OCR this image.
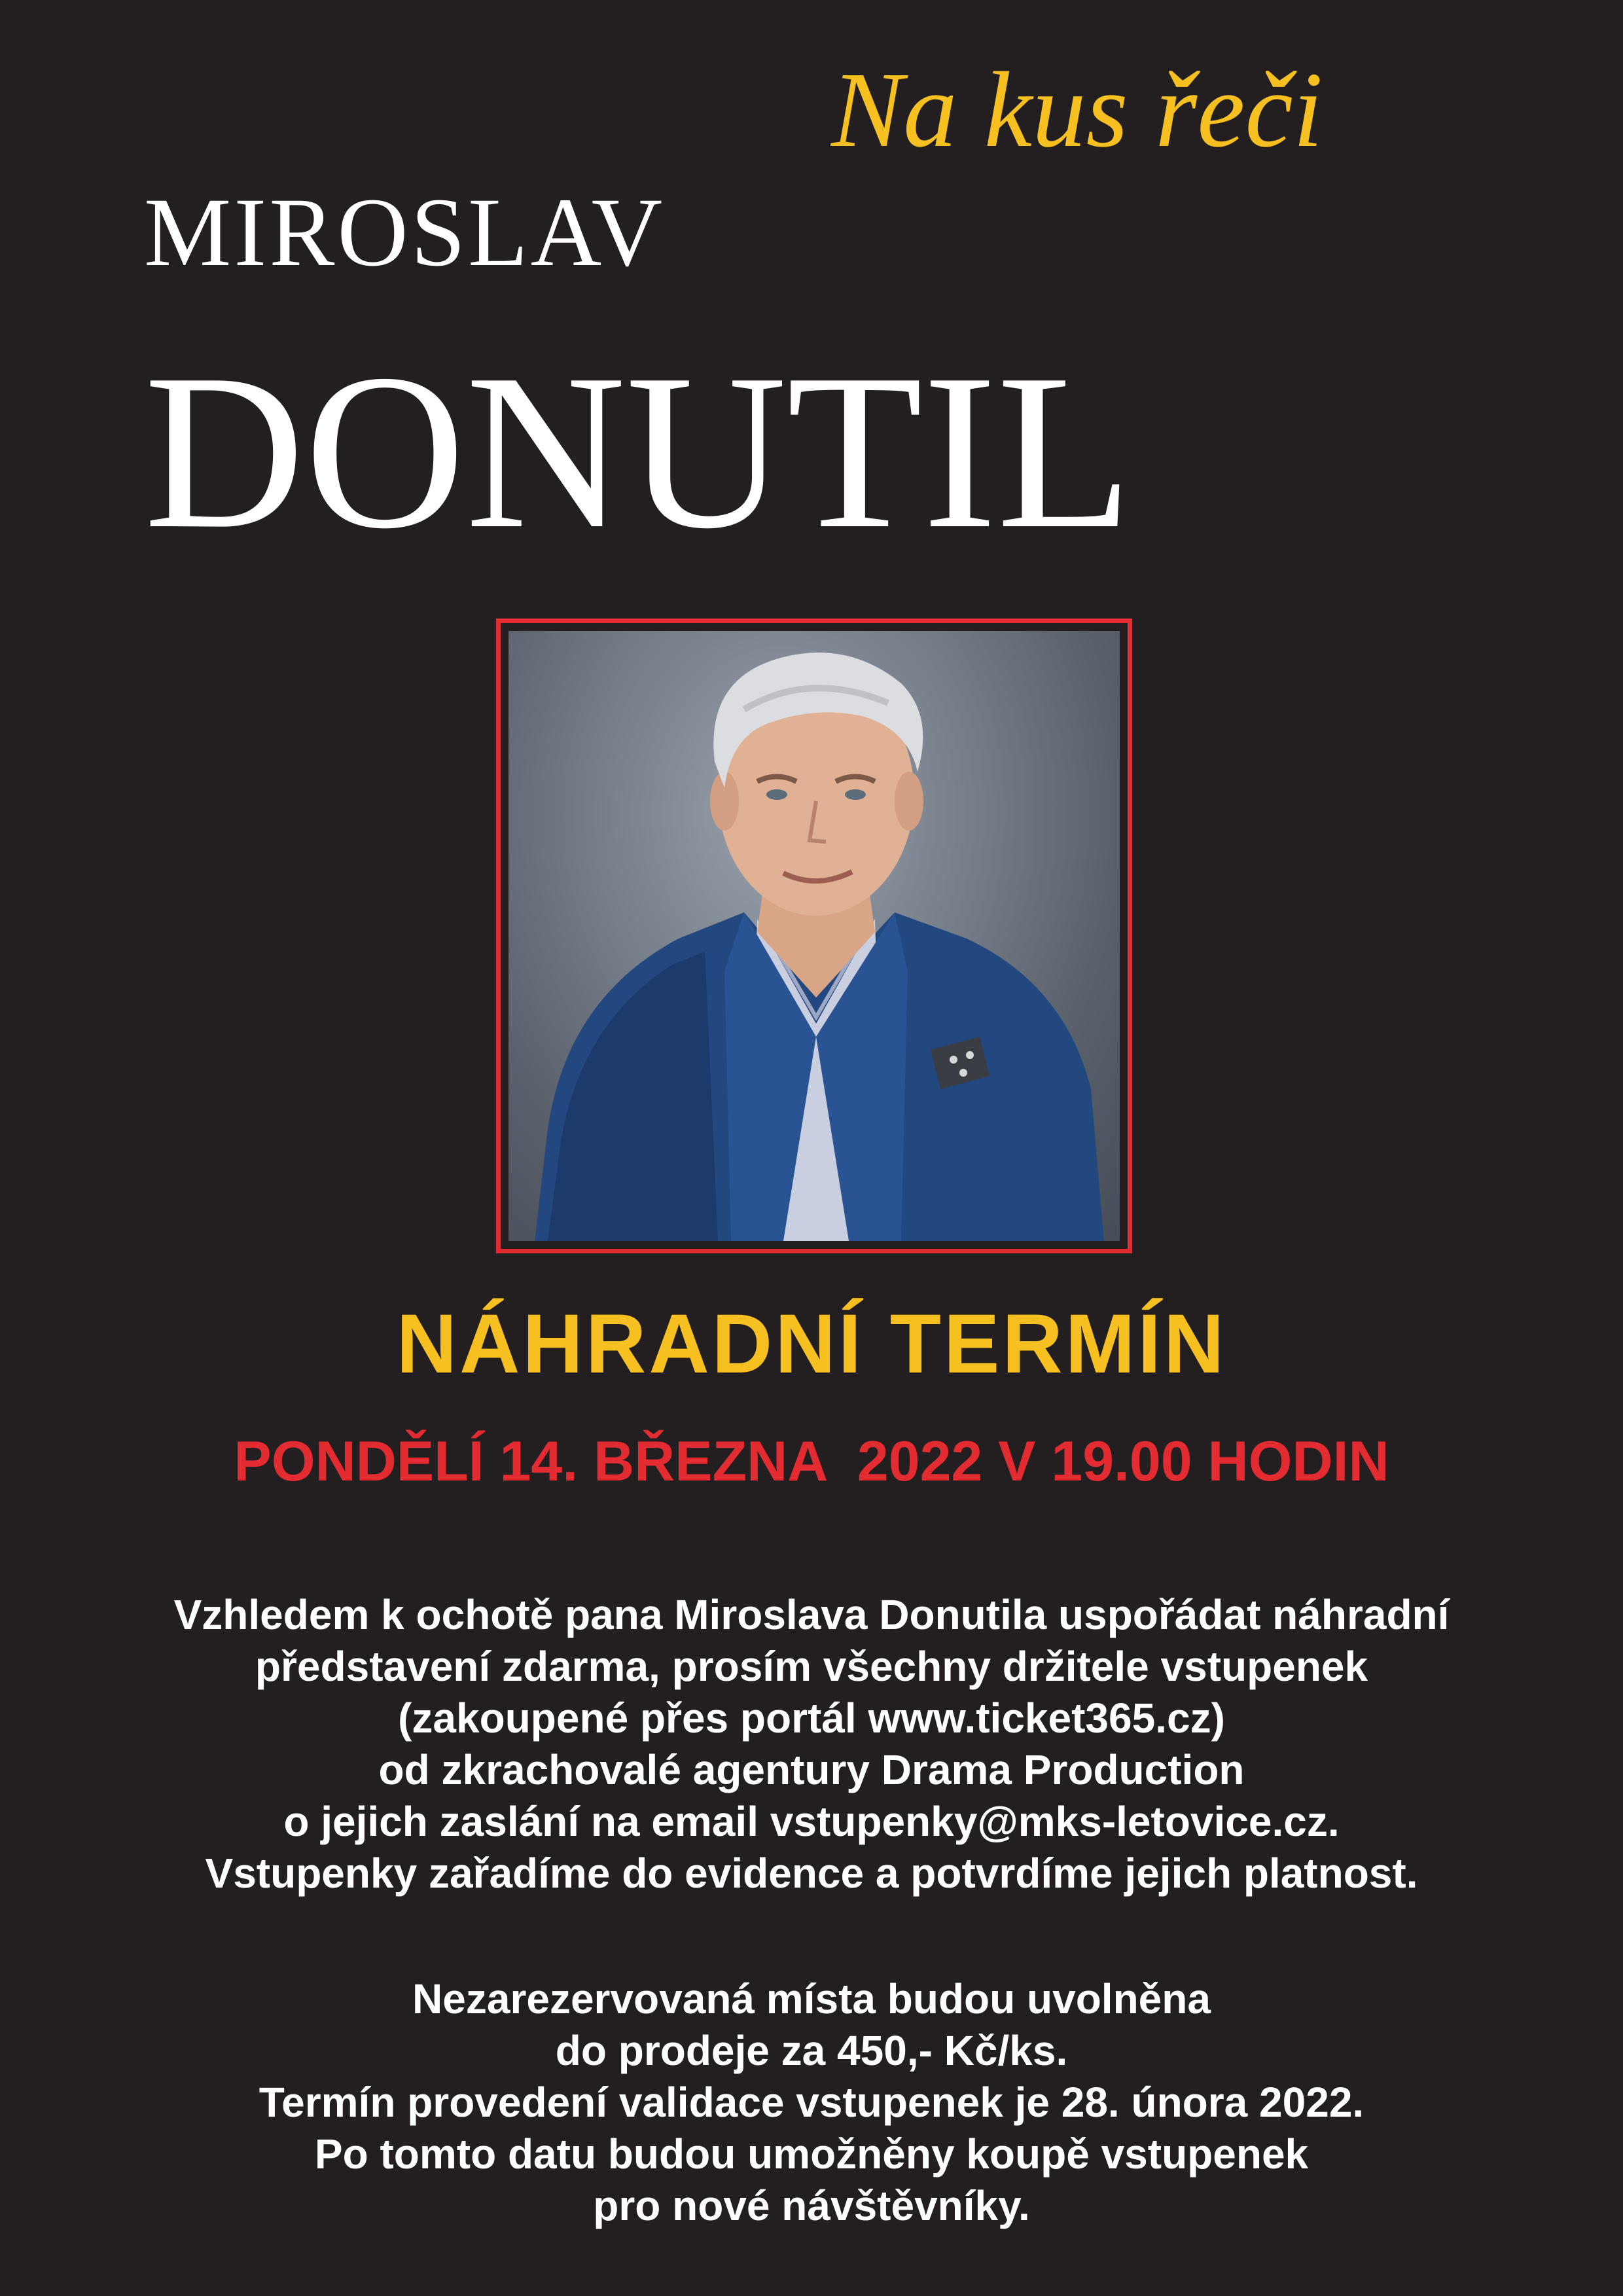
Na kus řeči

MIROSLAV

DONUTIL

NÁHRADNÍ TERMÍN

PONDĚLÍ 14. BŘEZNA  2022 V 19.00 HODIN

Vzhledem k ochotě pana Miroslava Donutila uspořádat náhradní

představení zdarma, prosím všechny držitele vstupenek

(zakoupené přes portál www.ticket365.cz)

od zkrachovalé agentury Drama Production

o jejich zaslání na email vstupenky@mks-letovice.cz.

Vstupenky zařadíme do evidence a potvrdíme jejich platnost.

Nezarezervovaná místa budou uvolněna

do prodeje za 450,- Kč/ks.

Termín provedení validace vstupenek je 28. února 2022.

Po tomto datu budou umožněny koupě vstupenek

pro nové návštěvníky.
